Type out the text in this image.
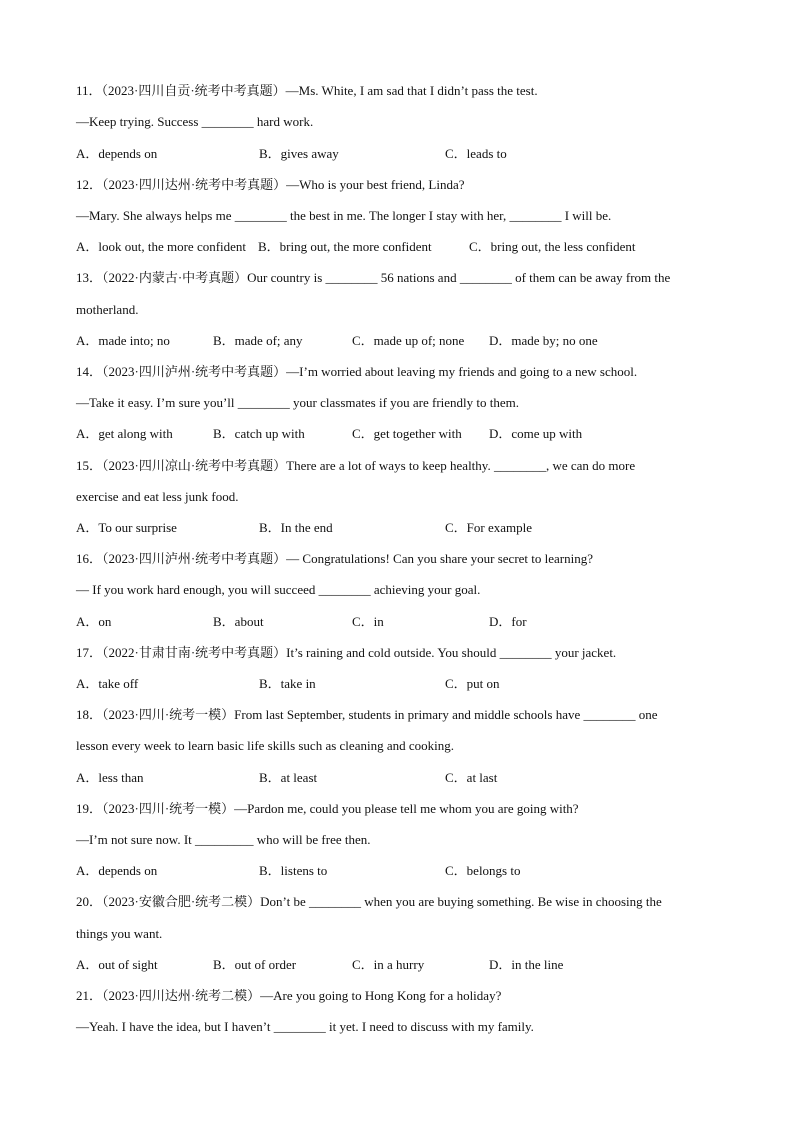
11．（2023·四川自贡·统考中考真题）—Ms. White, I am sad that I didn’t pass the test.
—Keep trying. Success ________ hard work.
A．depends on	B．gives away	C．leads to
12．（2023·四川达州·统考中考真题）—Who is your best friend, Linda?
—Mary. She always helps me ________ the best in me. The longer I stay with her, ________ I will be.
A．look out, the more confident B．bring out, the more confident	C．bring out, the less confident
13．（2022·内蒙古·中考真题）Our country is ________ 56 nations and ________ of them can be away from the
motherland.
A．made into; no	B．made of; any	C．made up of; none D．made by; no one
14．（2023·四川泸州·统考中考真题）—I’m worried about leaving my friends and going to a new school.
—Take it easy. I’m sure you’ll ________ your classmates if you are friendly to them.
A．get along with	B．catch up with	C．get together with D．come up with
15．（2023·四川凉山·统考中考真题）There are a lot of ways to keep healthy. ________, we can do more
exercise and eat less junk food.
A．To our surprise	B．In the end	C．For example
16．（2023·四川泸州·统考中考真题）— Congratulations! Can you share your secret to learning?
— If you work hard enough, you will succeed ________ achieving your goal.
A．on	B．about	C．in	D．for
17．（2022·甘肃甘南·统考中考真题）It’s raining and cold outside. You should ________ your jacket.
A．take off	B．take in	C．put on
18．（2023·四川·统考一模）From last September, students in primary and middle schools have ________ one
lesson every week to learn basic life skills such as cleaning and cooking.
A．less than	B．at least	C．at last
19．（2023·四川·统考一模）—Pardon me, could you please tell me whom you are going with?
—I’m not sure now. It _________ who will be free then.
A．depends on	B．listens to	C．belongs to
20．（2023·安徽合肥·统考二模）Don’t be ________ when you are buying something. Be wise in choosing the
things you want.
A．out of sight	B．out of order	C．in a hurry	D．in the line
21．（2023·四川达州·统考二模）—Are you going to Hong Kong for a holiday?
—Yeah. I have the idea, but I haven’t ________ it yet. I need to discuss with my family.
